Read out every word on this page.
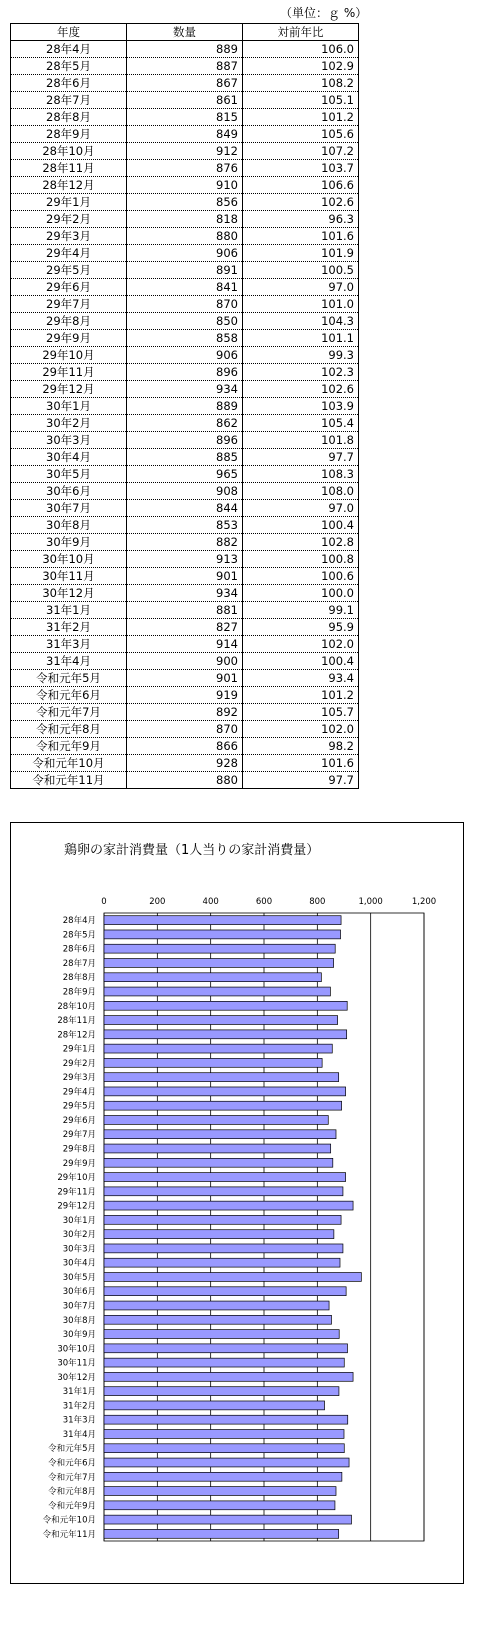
（単位：ｇ %）
年度	数量	対前年比
28年4月	889	106.0
28年5月	887	102.9
28年6月	867	108.2
28年7月	861	105.1
28年8月	815	101.2
28年9月	849	105.6
28年10月	912	107.2
28年11月	876	103.7
28年12月	910	106.6
29年1月	856	102.6
29年2月	818	96.3
29年3月	880	101.6
29年4月	906	101.9
29年5月	891	100.5
29年6月	841	97.0
29年7月	870	101.0
29年8月	850	104.3
29年9月	858	101.1
29年10月	906	99.3
29年11月	896	102.3
29年12月	934	102.6
30年1月	889	103.9
30年2月	862	105.4
30年3月	896	101.8
30年4月	885	97.7
30年5月	965	108.3
30年6月	908	108.0
30年7月	844	97.0
30年8月	853	100.4
30年9月	882	102.8
30年10月	913	100.8
30年11月	901	100.6
30年12月	934	100.0
31年1月	881	99.1
31年2月	827	95.9
31年3月	914	102.0
31年4月	900	100.4
令和元年5月	901	93.4
令和元年6月	919	101.2
令和元年7月	892	105.7
令和元年8月	870	102.0
令和元年9月	866	98.2
令和元年10月	928	101.6
令和元年11月	880	97.7
鶏卵の家計消費量（1人当りの家計消費量）
0	200	400	600	800	1,000	1,200
28年4月
28年5月
28年6月
28年7月
28年8月
28年9月
28年10月
28年11月
28年12月
29年1月
29年2月
29年3月
29年4月
29年5月
29年6月
29年7月
29年8月
29年9月
29年10月
29年11月
29年12月
30年1月
30年2月
30年3月
30年4月
30年5月
30年6月
30年7月
30年8月
30年9月
30年10月
30年11月
30年12月
31年1月
31年2月
31年3月
31年4月
令和元年5月
令和元年6月
令和元年7月
令和元年8月
令和元年9月
令和元年10月
令和元年11月
